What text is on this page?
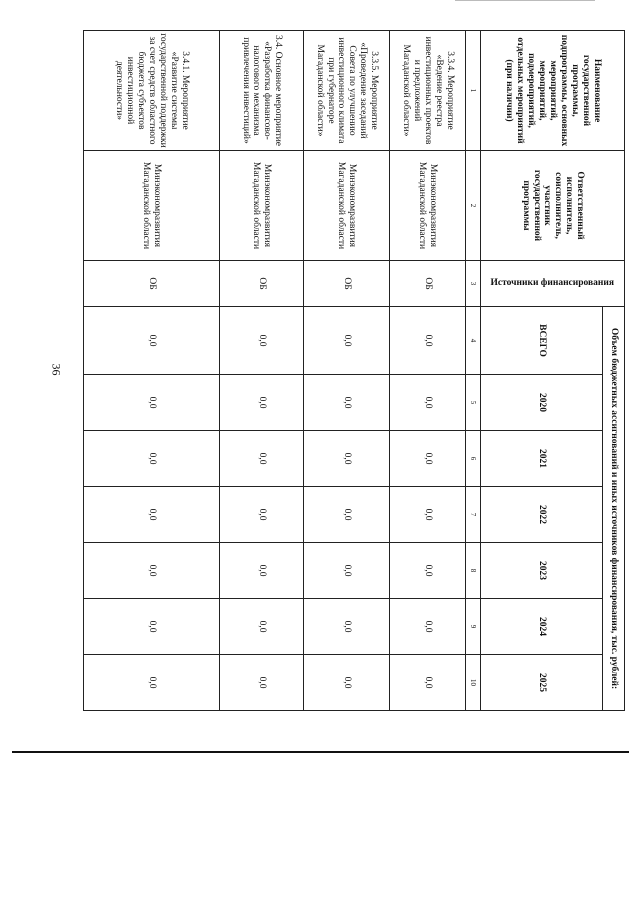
36
Наименование государственной программы, подпрограммы, основных мероприятий, мероприятий, подмероприятий, отдельных мероприятий (при наличии)	Ответственный исполнитель, соисполнитель, участник государственной программы	Источники финансирования	Объем бюджетных ассигнований и иных источников финансирования, тыс. рублей:						
			ВСЕГО	2020	2021	2022	2023	2024	2025
1	2	3	4	5	6	7	8	9	10
3.3.4. Мероприятие «Ведение реестра инвестиционных проектов и предложений Магаданской области»	Минэкономразвития Магаданской области	ОБ	0,0	0,0	0,0	0,0	0,0	0,0	0,0
3.3.5. Мероприятие «Проведение заседаний Совета по улучшению инвестиционного климата при губернаторе Магаданской области»	Минэкономразвития Магаданской области	ОБ	0,0	0,0	0,0	0,0	0,0	0,0	0,0
3.4. Основное мероприятие «Разработка финансово-налогового механизма привлечения инвестиций»	Минэкономразвития Магаданской области	ОБ	0,0	0,0	0,0	0,0	0,0	0,0	0,0
3.4.1. Мероприятие «Развитие системы государственной поддержки за счет средств областного бюджета субъектов инвестиционной деятельности»	Минэкономразвития Магаданской области	ОБ	0,0	0,0	0,0	0,0	0,0	0,0	0,0
